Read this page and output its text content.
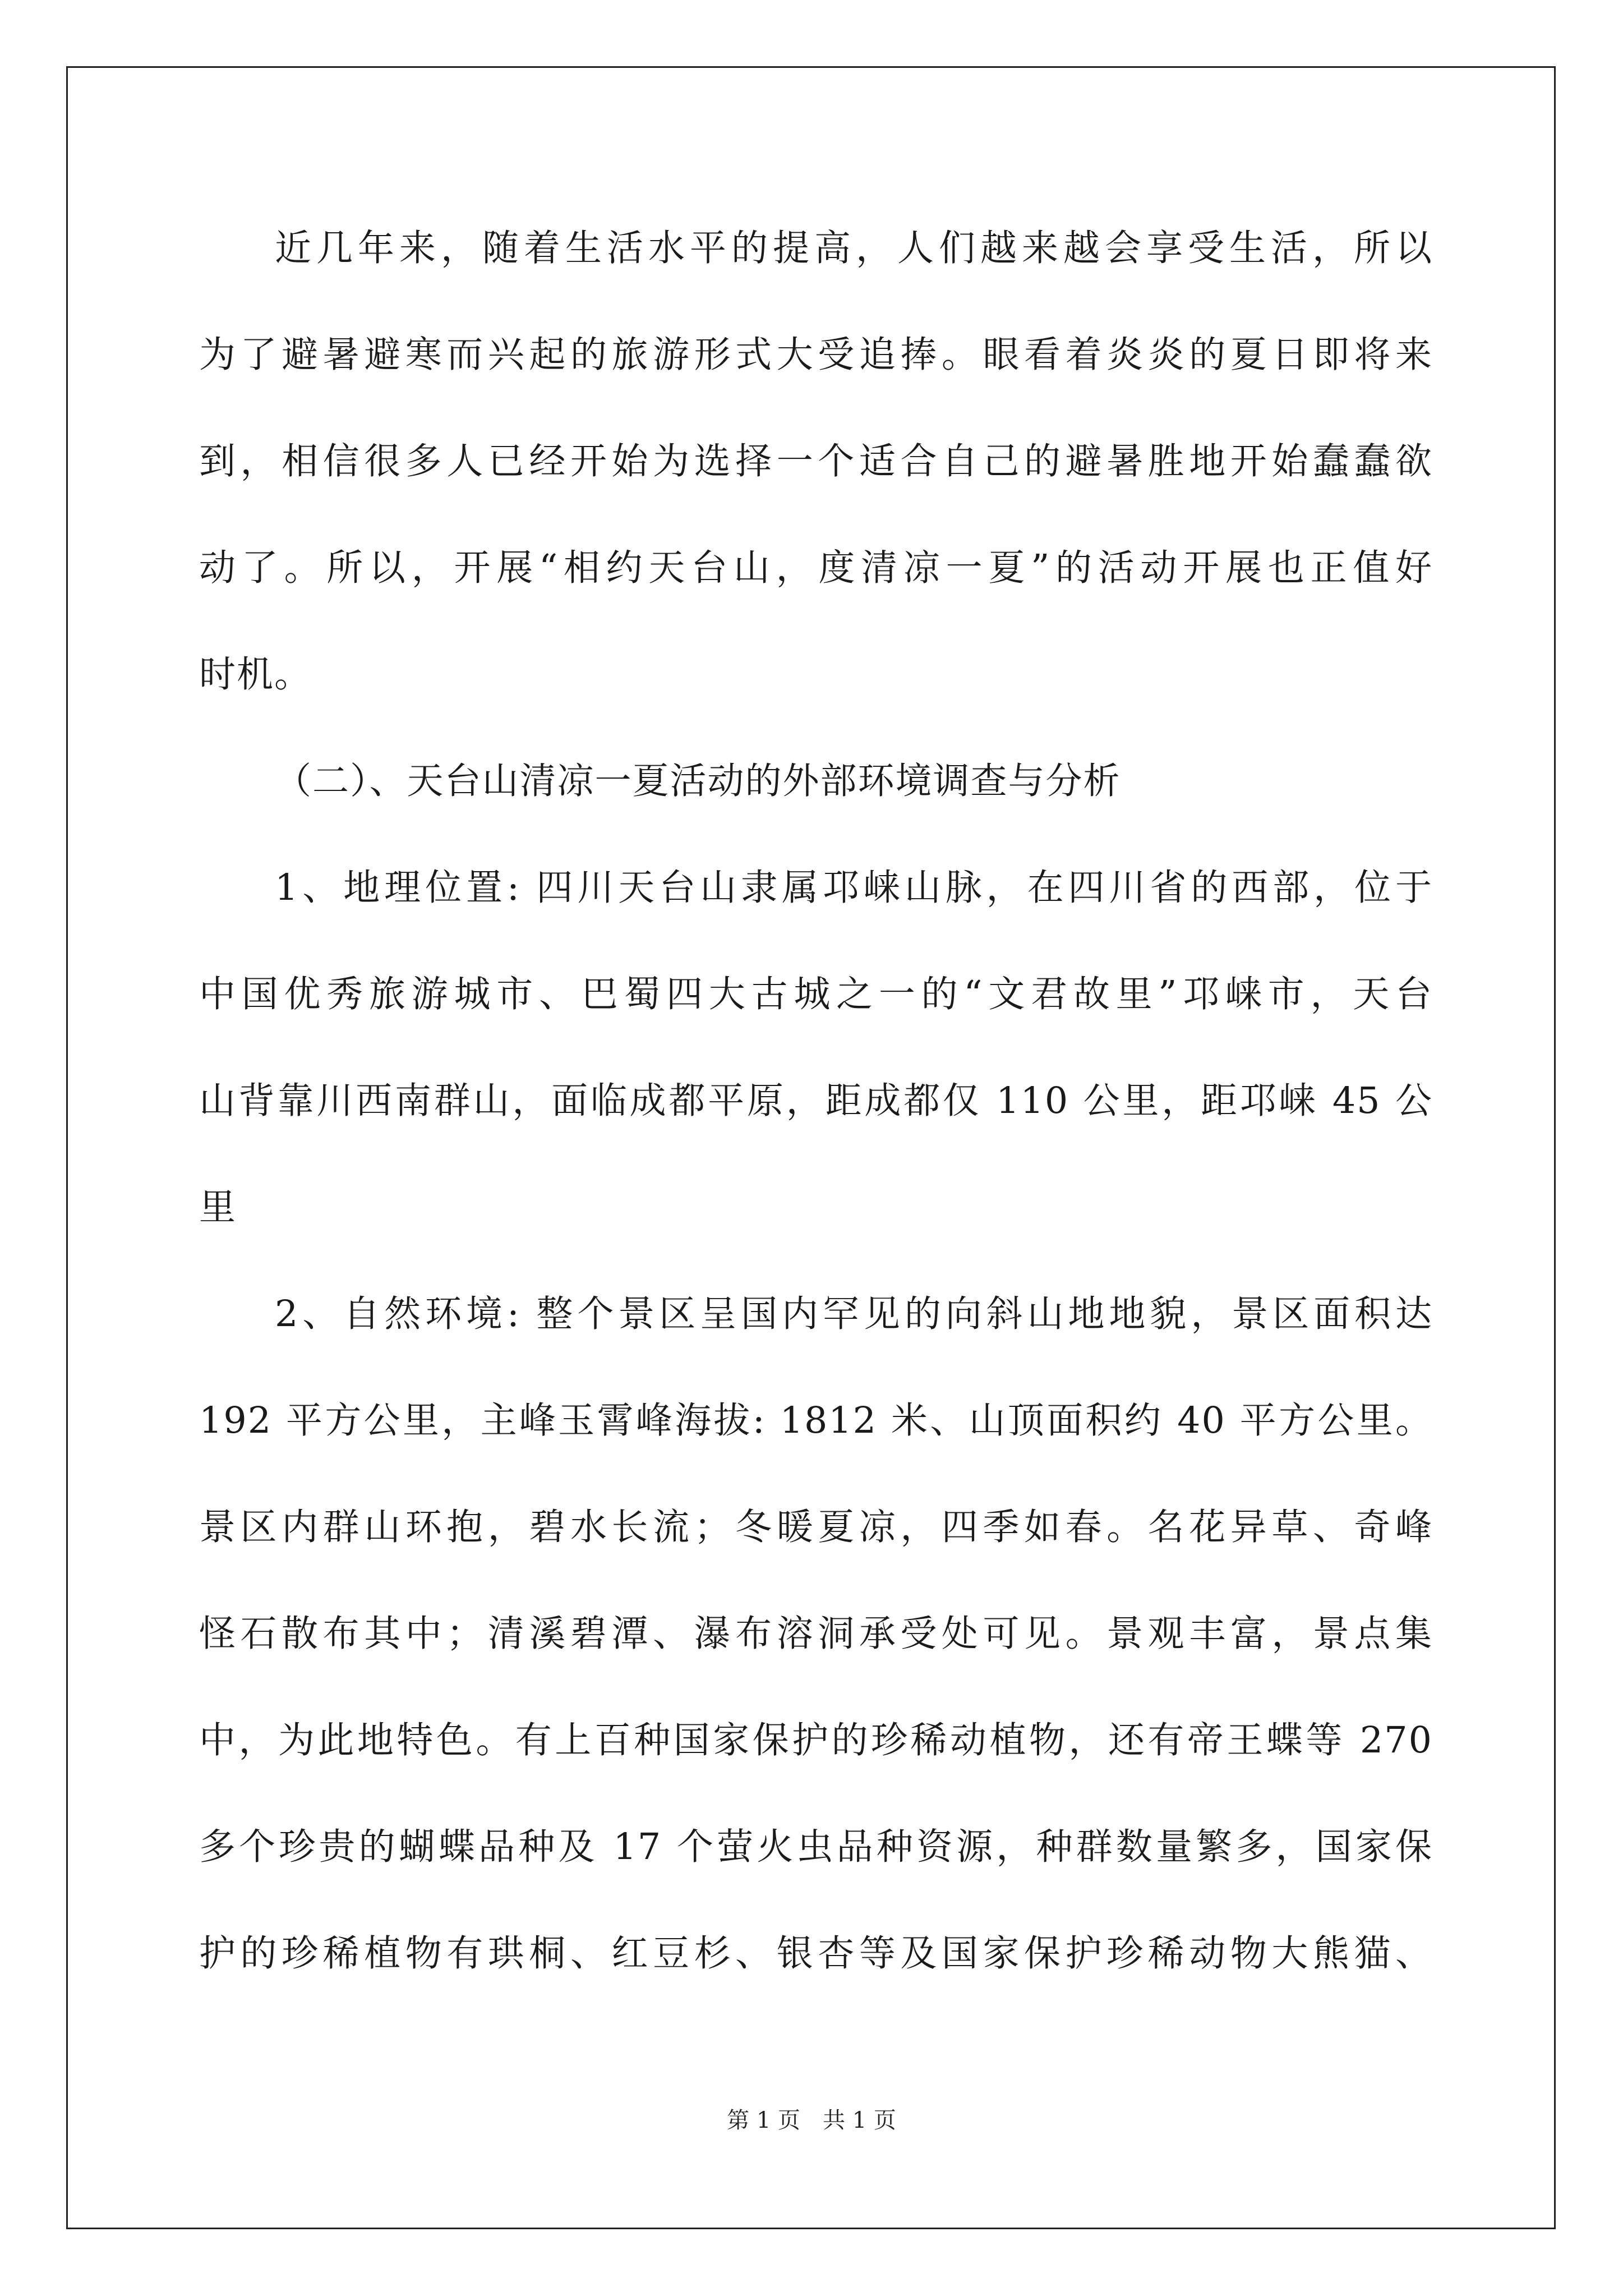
近几年来，随着生活水平的提高，人们越来越会享受生活，所以
为了避暑避寒而兴起的旅游形式大受追捧。眼看着炎炎的夏日即将来
到，相信很多人已经开始为选择一个适合自己的避暑胜地开始蠢蠢欲
动了。所以，开展“相约天台山，度清凉一夏”的活动开展也正值好
时机。
（二）、天台山清凉一夏活动的外部环境调查与分析
1、地理位置: 四川天台山隶属邛崃山脉，在四川省的西部，位于
中国优秀旅游城市、巴蜀四大古城之一的“文君故里”邛崃市，天台
山背靠川西南群山，面临成都平原，距成都仅 110 公里，距邛崃 45 公
里
2、自然环境: 整个景区呈国内罕见的向斜山地地貌，景区面积达
192 平方公里，主峰玉霄峰海拔: 1812 米、山顶面积约 40 平方公里。
景区内群山环抱，碧水长流；冬暖夏凉，四季如春。名花异草、奇峰
怪石散布其中；清溪碧潭、瀑布溶洞承受处可见。景观丰富，景点集
中，为此地特色。有上百种国家保护的珍稀动植物，还有帝王蝶等 270
多个珍贵的蝴蝶品种及 17 个萤火虫品种资源，种群数量繁多，国家保
护的珍稀植物有珙桐、红豆杉、银杏等及国家保护珍稀动物大熊猫、
第 1 页　共 1 页
